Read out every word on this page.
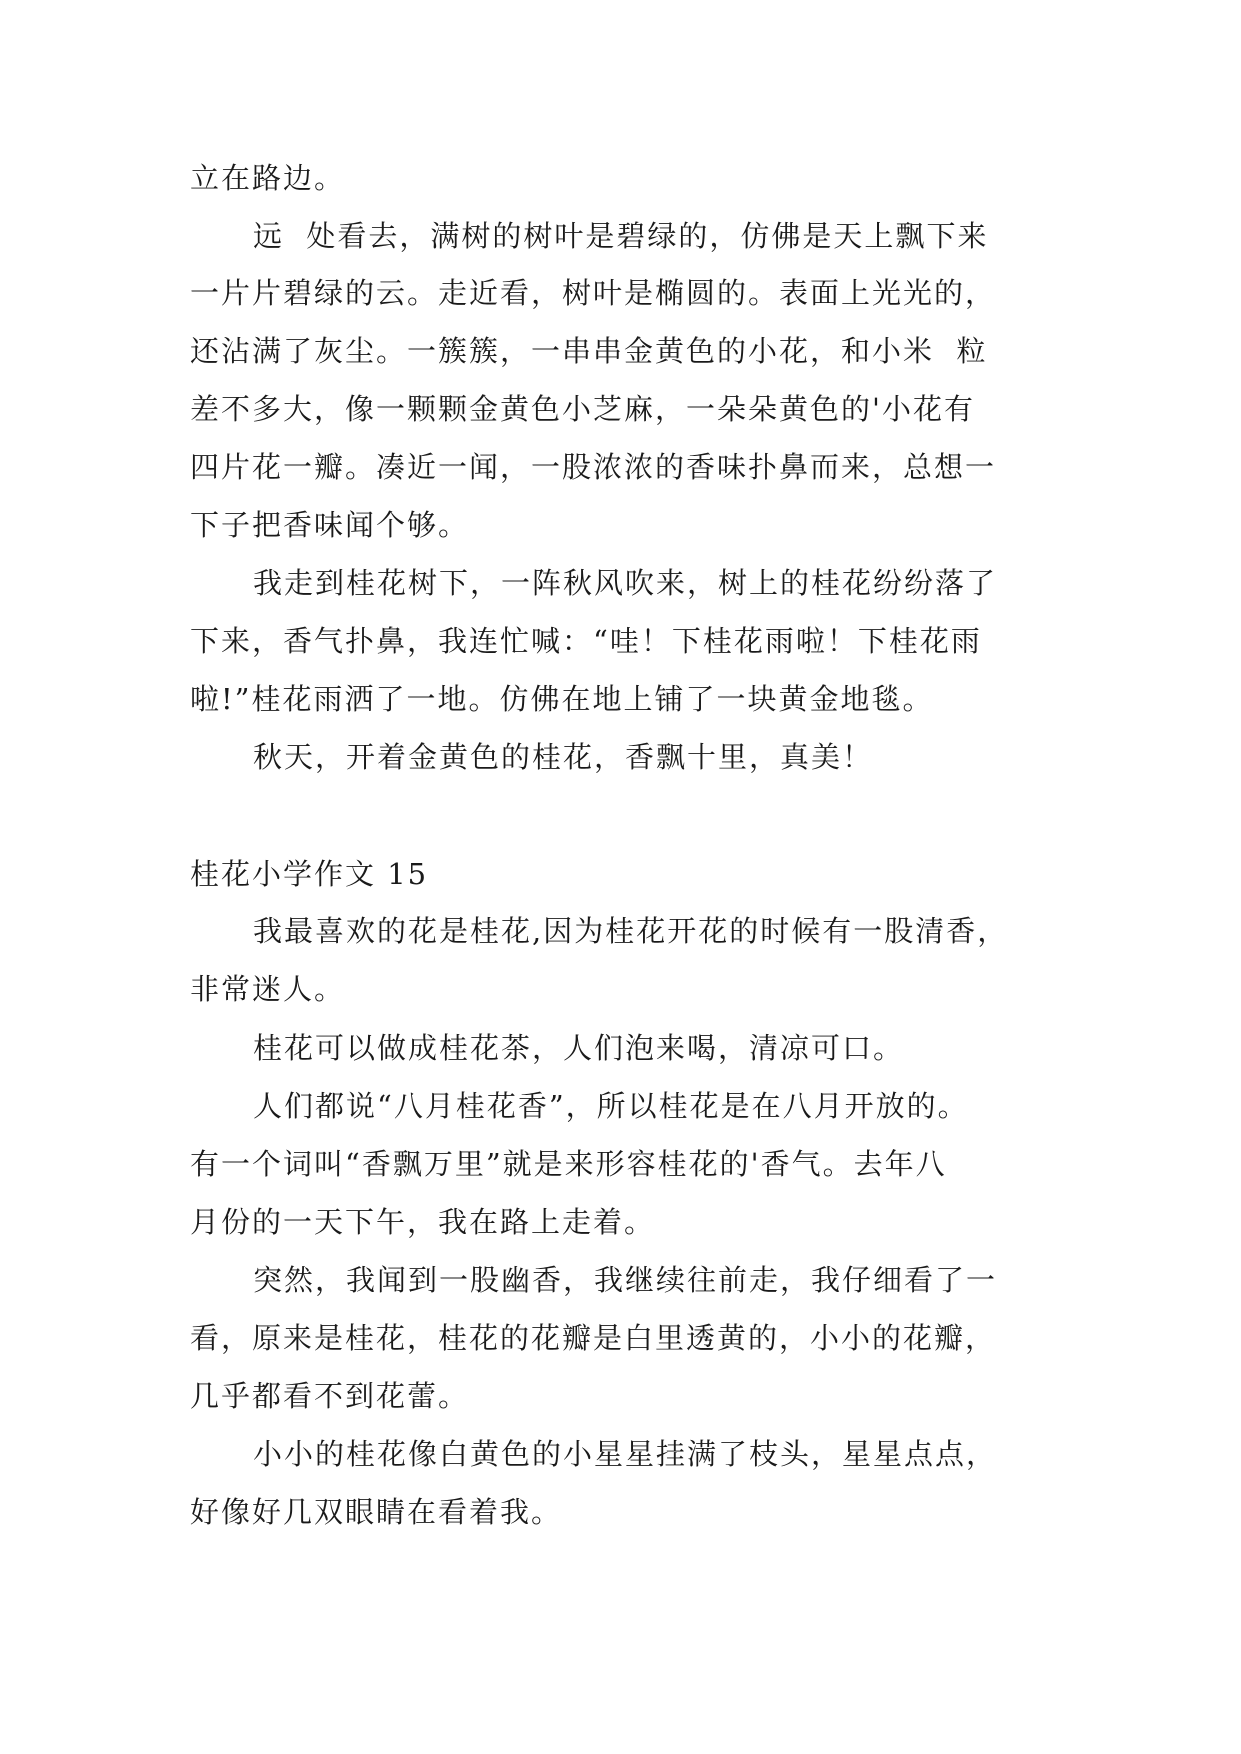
立在路边。
远  处看去，满树的树叶是碧绿的，仿佛是天上飘下来
一片片碧绿的云。走近看，树叶是椭圆的。表面上光光的，
还沾满了灰尘。一簇簇，一串串金黄色的小花，和小米  粒
差不多大，像一颗颗金黄色小芝麻，一朵朵黄色的'小花有
四片花一瓣。凑近一闻，一股浓浓的香味扑鼻而来，总想一
下子把香味闻个够。
我走到桂花树下，一阵秋风吹来，树上的桂花纷纷落了
下来，香气扑鼻，我连忙喊：“哇！下桂花雨啦！下桂花雨
啦!”桂花雨洒了一地。仿佛在地上铺了一块黄金地毯。
秋天，开着金黄色的桂花，香飘十里，真美！
桂花小学作文 15
我最喜欢的花是桂花,因为桂花开花的时候有一股清香，
非常迷人。
桂花可以做成桂花茶，人们泡来喝，清凉可口。
人们都说“八月桂花香”，所以桂花是在八月开放的。
有一个词叫“香飘万里”就是来形容桂花的'香气。去年八
月份的一天下午，我在路上走着。
突然，我闻到一股幽香，我继续往前走，我仔细看了一
看，原来是桂花，桂花的花瓣是白里透黄的，小小的花瓣，
几乎都看不到花蕾。
小小的桂花像白黄色的小星星挂满了枝头，星星点点，
好像好几双眼睛在看着我。
